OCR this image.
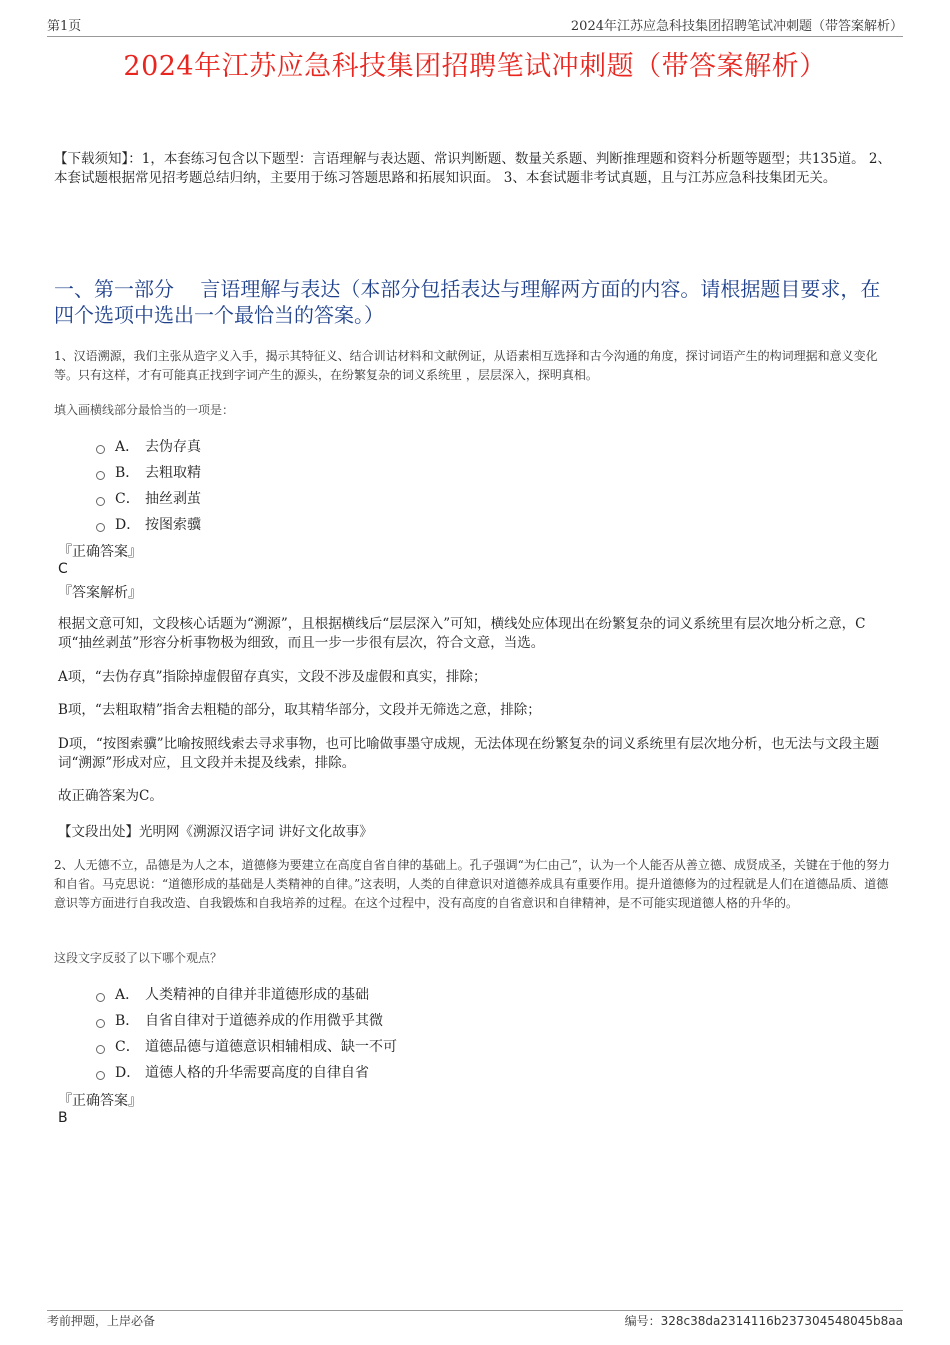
第1页	2024年江苏应急科技集团招聘笔试冲刺题（带答案解析）
2024年江苏应急科技集团招聘笔试冲刺题（带答案解析）
【下载须知】：1，本套练习包含以下题型：言语理解与表达题、常识判断题、数量关系题、判断推理题和资料分析题等题型；共135道。 2、本套试题根据常见招考题总结归纳，主要用于练习答题思路和拓展知识面。 3、本套试题非考试真题，且与江苏应急科技集团无关。
一、第一部分　 言语理解与表达（本部分包括表达与理解两方面的内容。请根据题目要求，在四个选项中选出一个最恰当的答案。）
1、汉语溯源，我们主张从造字义入手，揭示其特征义、结合训诂材料和文献例证，从语素相互选择和古今沟通的角度，探讨词语产生的构词理据和意义变化等。只有这样，才有可能真正找到字词产生的源头，在纷繁复杂的词义系统里 ，层层深入，探明真相。
填入画横线部分最恰当的一项是：
A． 去伪存真
B． 去粗取精
C． 抽丝剥茧
D． 按图索骥
『正确答案』
C
『答案解析』
根据文意可知，文段核心话题为“溯源”，且根据横线后“层层深入”可知，横线处应体现出在纷繁复杂的词义系统里有层次地分析之意，C项“抽丝剥茧”形容分析事物极为细致，而且一步一步很有层次，符合文意，当选。
A项，“去伪存真”指除掉虚假留存真实，文段不涉及虚假和真实，排除；
B项，“去粗取精”指舍去粗糙的部分，取其精华部分，文段并无筛选之意，排除；
D项，“按图索骥”比喻按照线索去寻求事物，也可比喻做事墨守成规，无法体现在纷繁复杂的词义系统里有层次地分析，也无法与文段主题词“溯源”形成对应，且文段并未提及线索，排除。
故正确答案为C。
【文段出处】光明网《溯源汉语字词 讲好文化故事》
2、人无德不立，品德是为人之本，道德修为要建立在高度自省自律的基础上。孔子强调“为仁由己”，认为一个人能否从善立德、成贤成圣，关键在于他的努力和自省。马克思说：“道德形成的基础是人类精神的自律。”这表明，人类的自律意识对道德养成具有重要作用。提升道德修为的过程就是人们在道德品质、道德意识等方面进行自我改造、自我锻炼和自我培养的过程。在这个过程中，没有高度的自省意识和自律精神，是不可能实现道德人格的升华的。
这段文字反驳了以下哪个观点？
A． 人类精神的自律并非道德形成的基础
B． 自省自律对于道德养成的作用微乎其微
C． 道德品德与道德意识相辅相成、缺一不可
D． 道德人格的升华需要高度的自律自省
『正确答案』
B
考前押题，上岸必备	编号：328c38da2314116b237304548045b8aa
